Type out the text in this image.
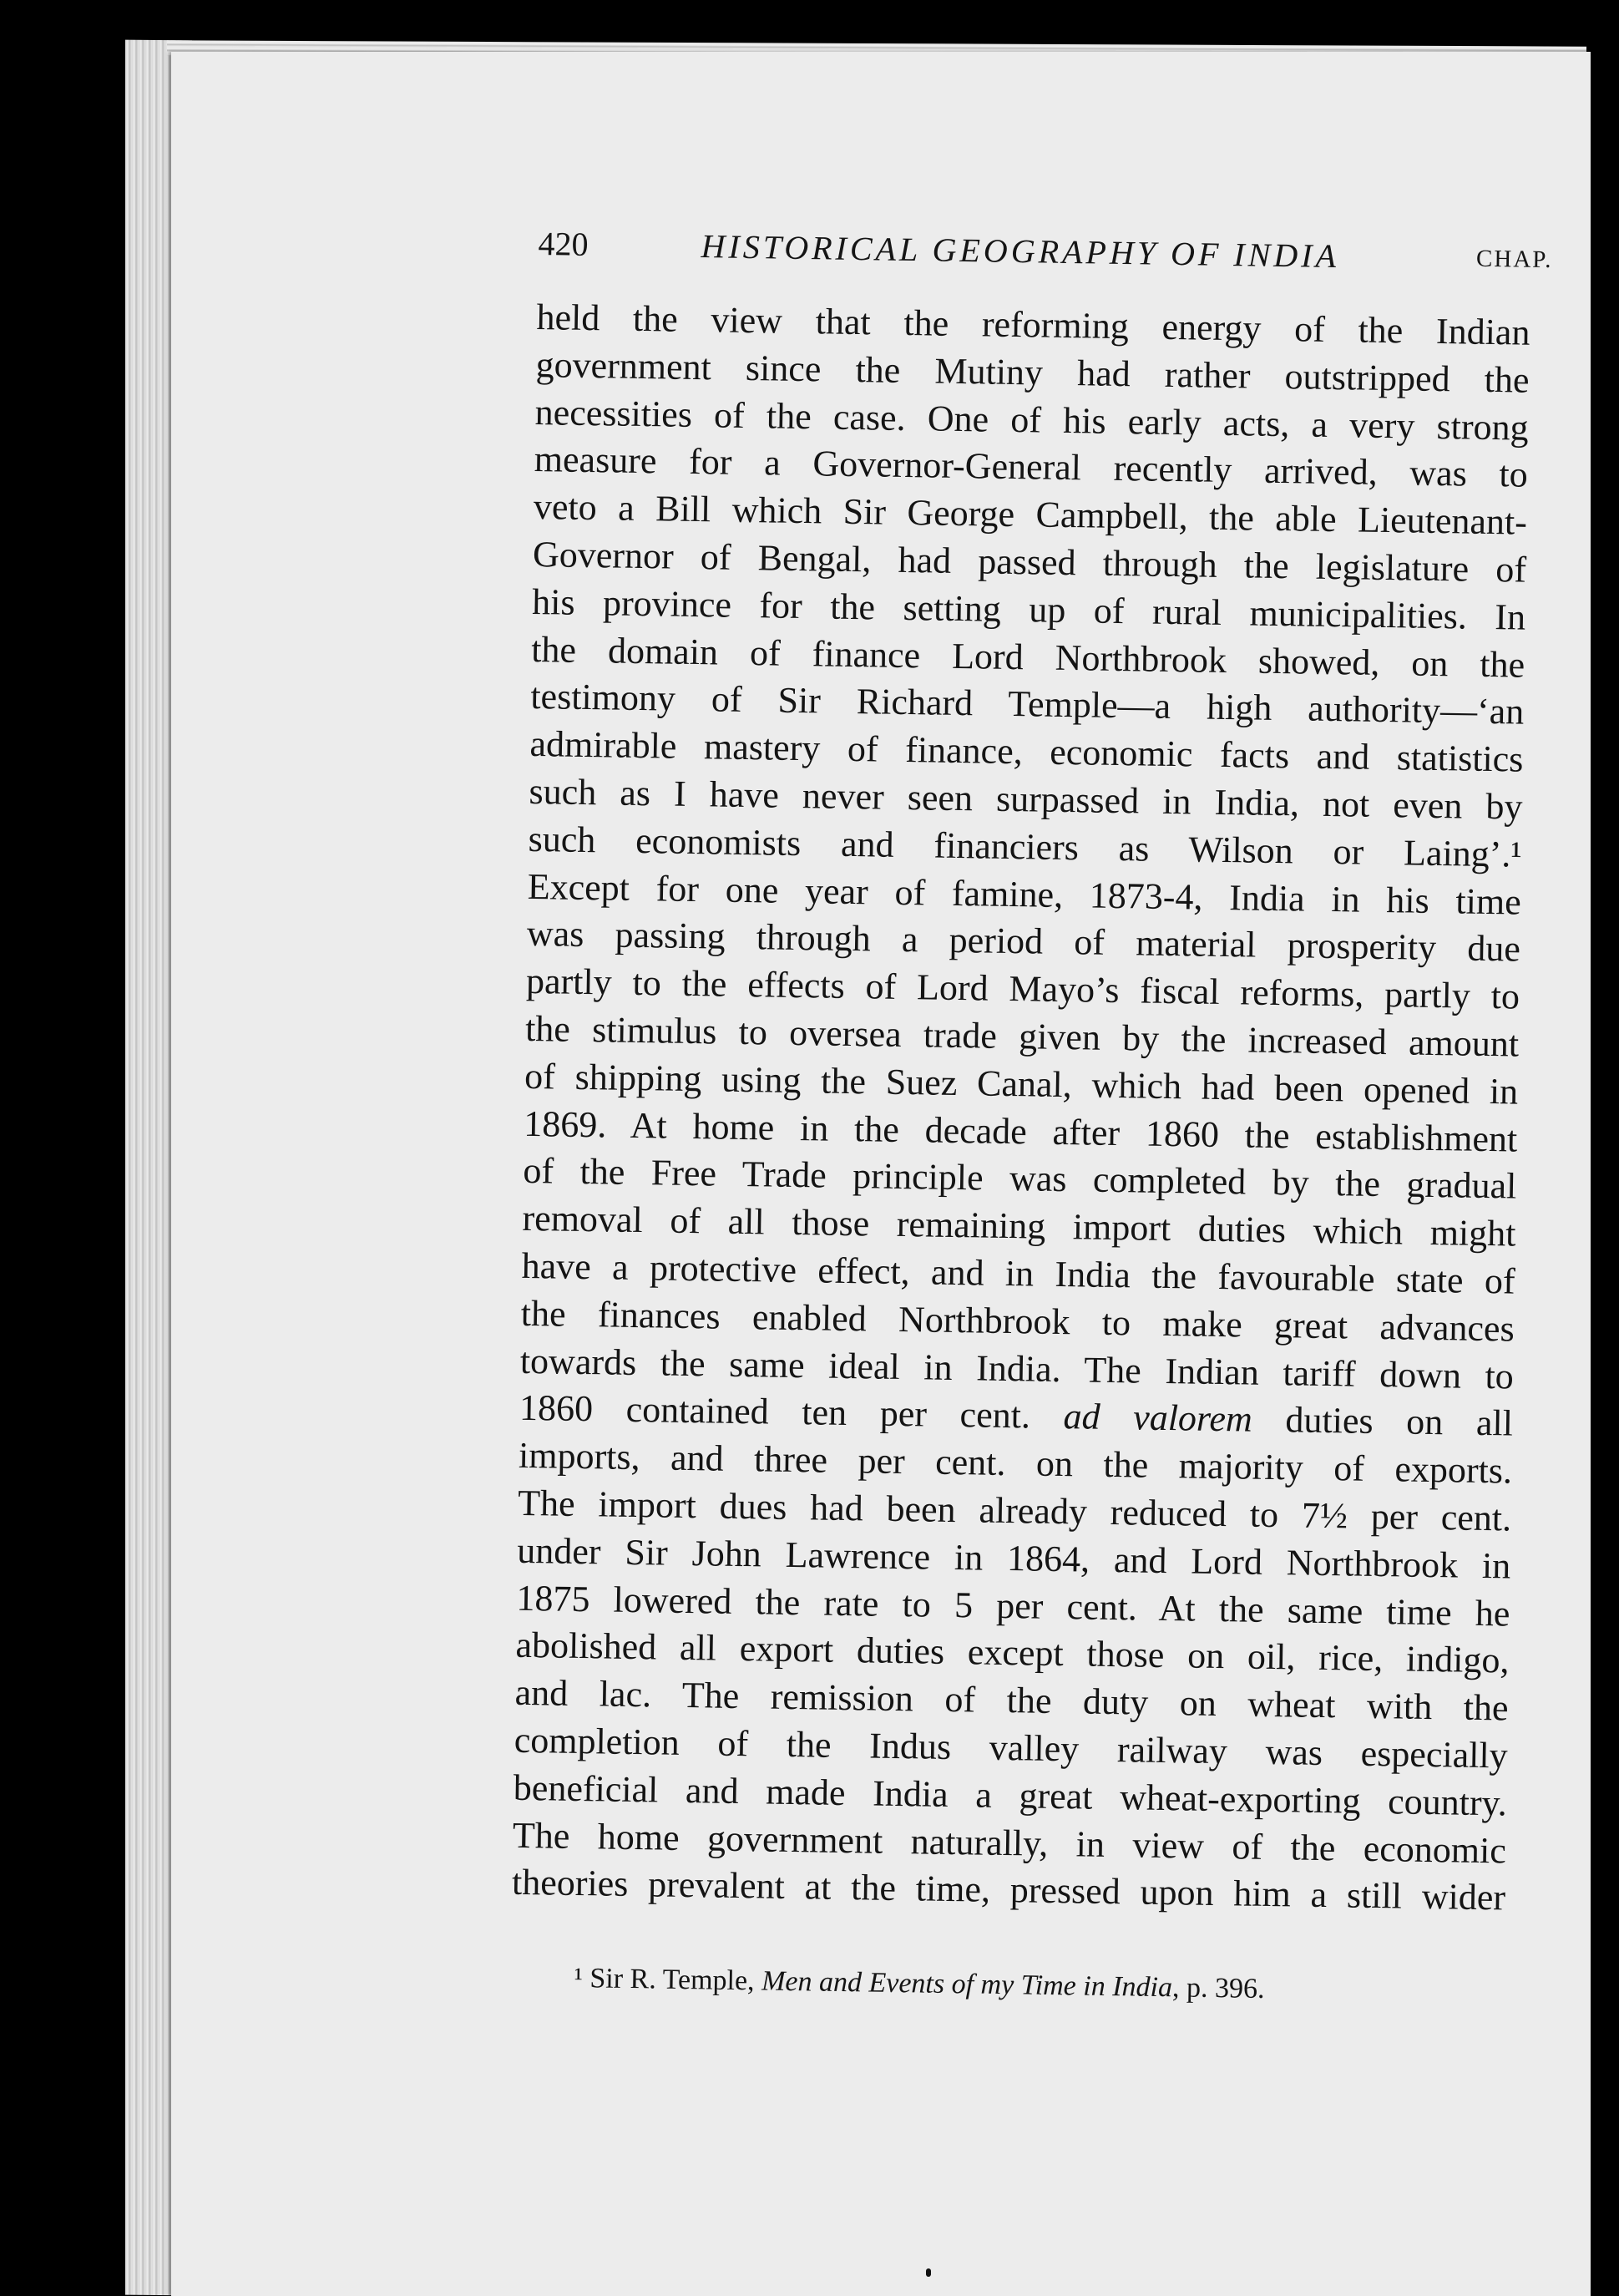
420	HISTORICAL GEOGRAPHY OF INDIA	CHAP.
held the view that the reforming energy of the Indian
government since the Mutiny had rather outstripped the
necessities of the case. One of his early acts, a very strong
measure for a Governor-General recently arrived, was to
veto a Bill which Sir George Campbell, the able Lieutenant-
Governor of Bengal, had passed through the legislature of
his province for the setting up of rural municipalities. In
the domain of finance Lord Northbrook showed, on the
testimony of Sir Richard Temple—a high authority—‘an
admirable mastery of finance, economic facts and statistics
such as I have never seen surpassed in India, not even by
such economists and financiers as Wilson or Laing’.¹
Except for one year of famine, 1873-4, India in his time
was passing through a period of material prosperity due
partly to the effects of Lord Mayo’s fiscal reforms, partly to
the stimulus to oversea trade given by the increased amount
of shipping using the Suez Canal, which had been opened in
1869. At home in the decade after 1860 the establishment
of the Free Trade principle was completed by the gradual
removal of all those remaining import duties which might
have a protective effect, and in India the favourable state of
the finances enabled Northbrook to make great advances
towards the same ideal in India. The Indian tariff down to
1860 contained ten per cent. ad valorem duties on all
imports, and three per cent. on the majority of exports.
The import dues had been already reduced to 7½ per cent.
under Sir John Lawrence in 1864, and Lord Northbrook in
1875 lowered the rate to 5 per cent. At the same time he
abolished all export duties except those on oil, rice, indigo,
and lac. The remission of the duty on wheat with the
completion of the Indus valley railway was especially
beneficial and made India a great wheat-exporting country.
The home government naturally, in view of the economic
theories prevalent at the time, pressed upon him a still wider
¹ Sir R. Temple, Men and Events of my Time in India, p. 396.
